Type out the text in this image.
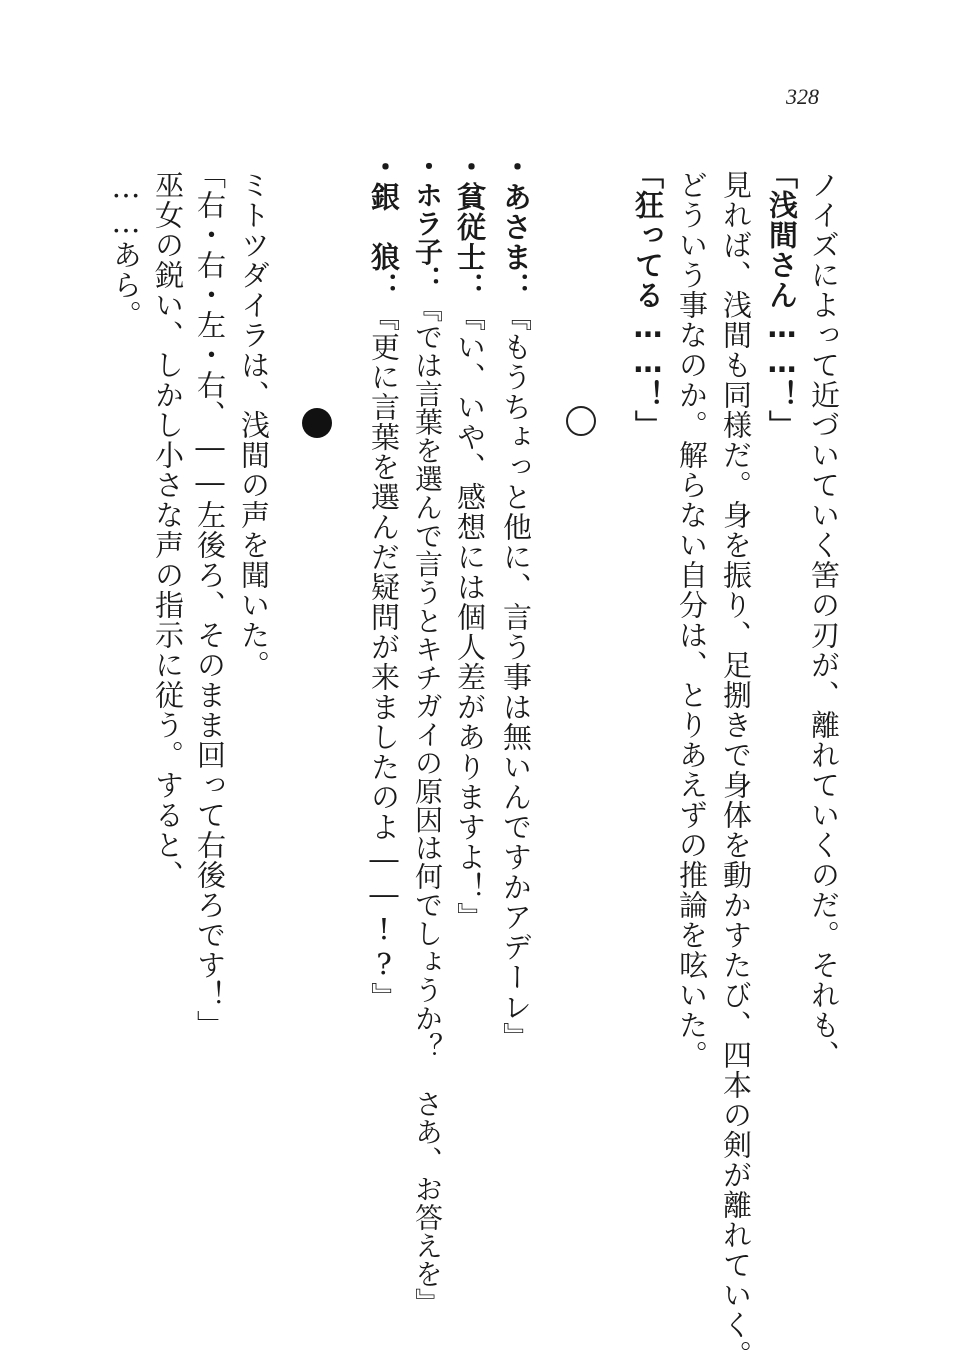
328
ノイズによって近づいていく筈の刃が、離れていくのだ。それも、
「浅間さん……！」
見れば、浅間も同様だ。身を振り、足捌きで身体を動かすたび、四本の剣が離れていく。
どういう事なのか。解らない自分は、とりあえずの推論を呟いた。
「狂ってる……！」
・あさま：『もうちょっと他に、言う事は無いんですかアデーレ』
・貧従士：『い、いや、感想には個人差がありますよ！』
・ホラ子：『では言葉を選んで言うとキチガイの原因は何でしょうか？　さあ、お答えを』
・銀　狼：『更に言葉を選んだ疑問が来ましたのよ――!?』
ミトツダイラは、浅間の声を聞いた。
「右・右・左・右、――左後ろ、そのまま回って右後ろです！」
巫女の鋭い、しかし小さな声の指示に従う。すると、
……あら。
